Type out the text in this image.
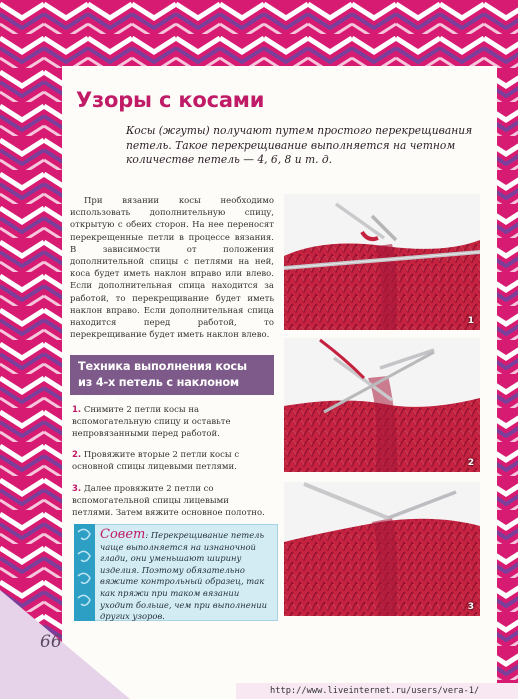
Узоры с косами
Косы (жгуты) получают путем простого перекрещивания петель. Такое перекрещивание выполняется на четном количестве петель — 4, 6, 8 и т. д.

При вязании косы необходимо использовать дополнительную спицу, открытую с обеих сторон. На нее переносят перекрещенные петли в процессе вязания. В зависимости от положения дополнительной спицы с петлями на ней, коса будет иметь наклон вправо или влево. Если дополнительная спица находится за работой, то перекрещивание будет иметь наклон вправо. Если дополнительная спица находится перед работой, то перекрещивание будет иметь наклон влево.

Техника выполнения косы
из 4-х петель с наклоном влево
1. Снимите 2 петли косы на вспомогательную спицу и оставьте непровязанными перед работой.
2. Провяжите вторые 2 петли косы с основной спицы лицевыми петлями.
3. Далее провяжите 2 петли со вспомогательной спицы лицевыми петлями. Затем вяжите основное полотно.
Совет: Перекрещивание петель чаще выполняется на изнаночной глади, они уменьшают ширину изделия. Поэтому обязательно вяжите контрольный образец, так как пряжи при таком вязании уходит больше, чем при выполнении других узоров.
1
2
3
66
http://www.liveinternet.ru/users/vera-1/
